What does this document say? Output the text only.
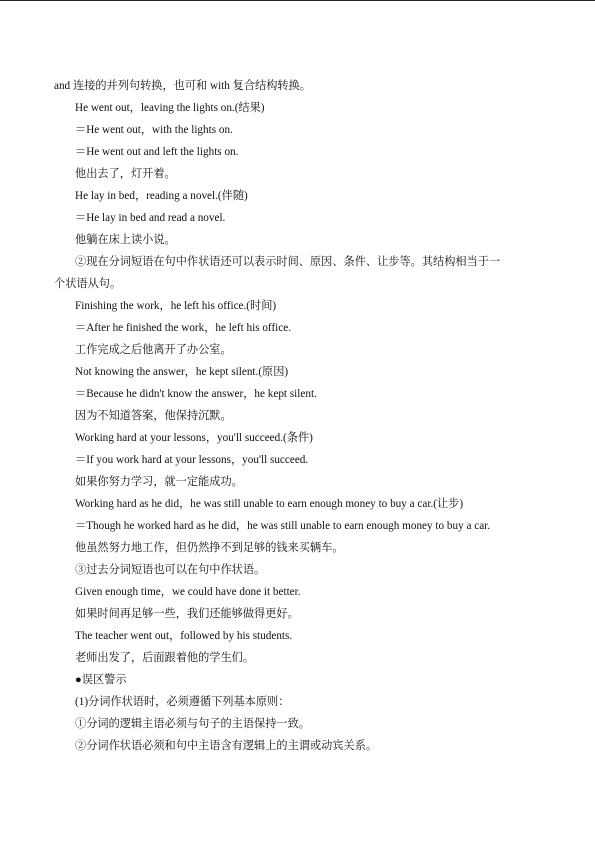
and 连接的并列句转换，也可和 with 复合结构转换。
He went out，leaving the lights on.(结果)
＝He went out，with the lights on.
＝He went out and left the lights on.
他出去了，灯开着。
He lay in bed，reading a novel.(伴随)
＝He lay in bed and read a novel.
他躺在床上读小说。
②现在分词短语在句中作状语还可以表示时间、原因、条件、让步等。其结构相当于一
个状语从句。
Finishing the work，he left his office.(时间)
＝After he finished the work，he left his office.
工作完成之后他离开了办公室。
Not knowing the answer，he kept silent.(原因)
＝Because he didn't know the answer，he kept silent.
因为不知道答案，他保持沉默。
Working hard at your lessons，you'll succeed.(条件)
＝If you work hard at your lessons，you'll succeed.
如果你努力学习，就一定能成功。
Working hard as he did，he was still unable to earn enough money to buy a car.(让步)
＝Though he worked hard as he did，he was still unable to earn enough money to buy a car.
他虽然努力地工作，但仍然挣不到足够的钱来买辆车。
③过去分词短语也可以在句中作状语。
Given enough time，we could have done it better.
如果时间再足够一些，我们还能够做得更好。
The teacher went out，followed by his students.
老师出发了，后面跟着他的学生们。
●误区警示
(1)分词作状语时，必须遵循下列基本原则：
①分词的逻辑主语必须与句子的主语保持一致。
②分词作状语必须和句中主语含有逻辑上的主谓或动宾关系。
